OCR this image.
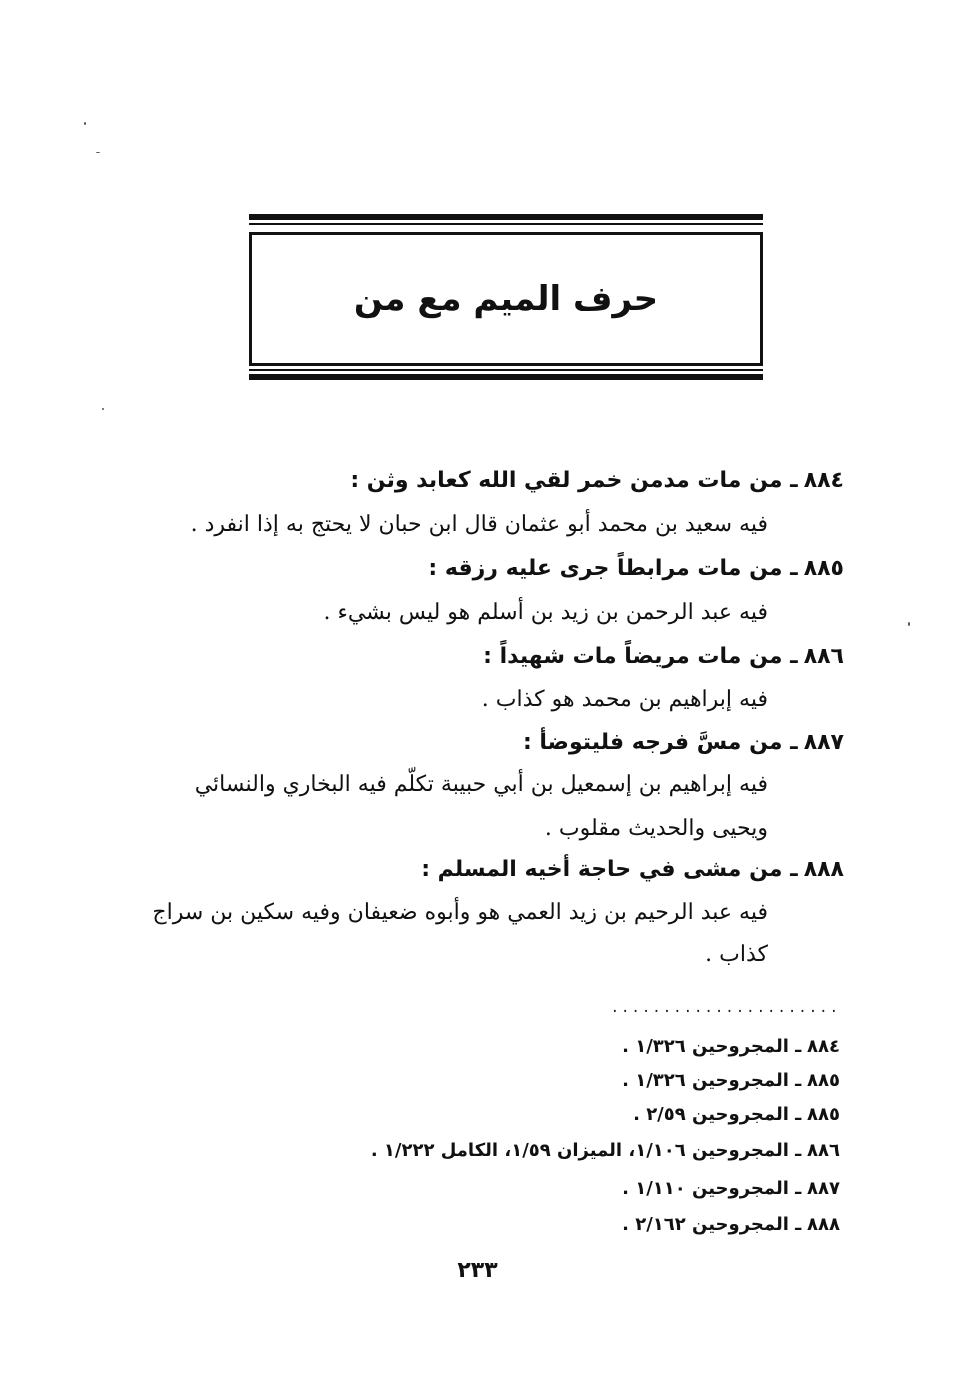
حرف الميم مع من
٨٨٤ـ من مات مدمن خمر لقي الله كعابد وثن :
فيه سعيد بن محمد أبو عثمان قال ابن حبان لا يحتج به إذا انفرد .
٨٨٥ـ من مات مرابطاً جرى عليه رزقه :
فيه عبد الرحمن بن زيد بن أسلم هو ليس بشيء .
٨٨٦ـ من مات مريضاً مات شهيداً :
فيه إبراهيم بن محمد هو كذاب .
٨٨٧ـ من مسَّ فرجه فليتوضأ :
فيه إبراهيم بن إسمعيل بن أبي حبيبة تكلّم فيه البخاري والنسائي
ويحيى والحديث مقلوب .
٨٨٨ـ من مشى في حاجة أخيه المسلم :
فيه عبد الرحيم بن زيد العمي هو وأبوه ضعيفان وفيه سكين بن سراج
كذاب .
......................
٨٨٤ ـ المجروحين ١/٣٢٦ .
٨٨٥ ـ المجروحين ١/٣٢٦ .
٨٨٥ ـ المجروحين ٢/٥٩ .
٨٨٦ ـ المجروحين ١/١٠٦، الميزان ١/٥٩، الكامل ١/٢٢٢ .
٨٨٧ ـ المجروحين ١/١١٠ .
٨٨٨ ـ المجروحين ٢/١٦٢ .
٢٣٣
